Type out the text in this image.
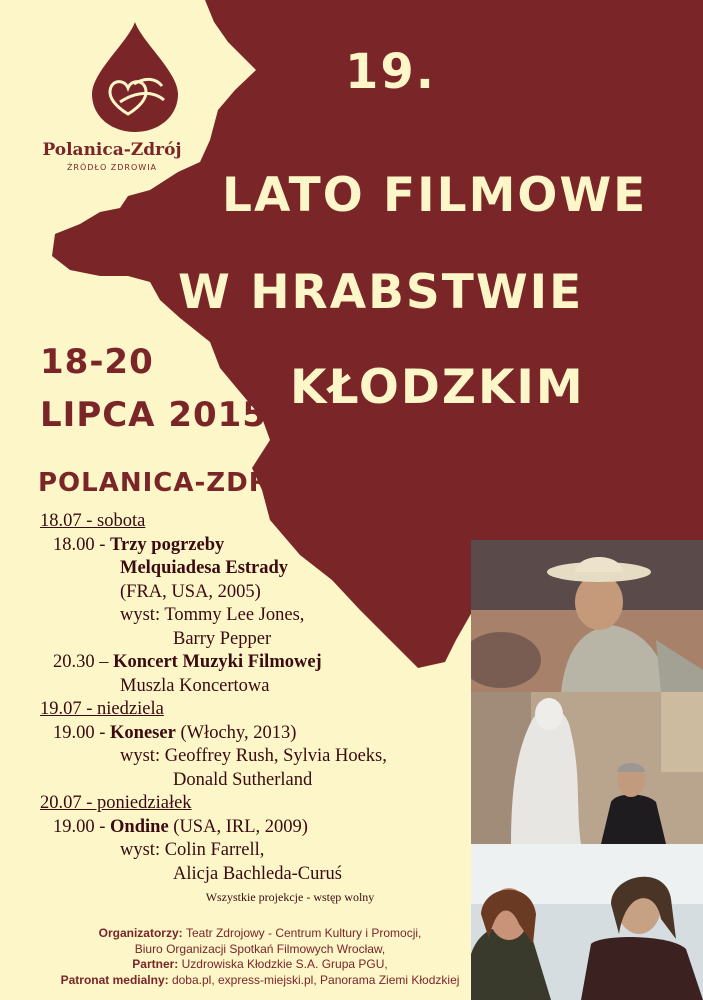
Polanica-Zdrój
ŹRÓDŁO ZDROWIA
19.
LATO FILMOWE
W HRABSTWIE
KŁODZKIM
18-20
LIPCA 2015
POLANICA-ZDRÓJ
18.07 - sobota
18.00 - Trzy pogrzeby
Melquiadesa Estrady
(FRA, USA, 2005)
wyst: Tommy Lee Jones,
Barry Pepper
20.30 – Koncert Muzyki Filmowej
Muszla Koncertowa
19.07 - niedziela
19.00 - Koneser (Włochy, 2013)
wyst: Geoffrey Rush, Sylvia Hoeks,
Donald Sutherland
20.07 - poniedziałek
19.00 - Ondine (USA, IRL, 2009)
wyst: Colin Farrell,
Alicja Bachleda-Curuś
Wszystkie projekcje - wstęp wolny
Organizatorzy: Teatr Zdrojowy - Centrum Kultury i Promocji,
Biuro Organizacji Spotkań Filmowych Wrocław,
Partner: Uzdrowiska Kłodzkie S.A. Grupa PGU,
Patronat medialny: doba.pl, express-miejski.pl, Panorama Ziemi Kłodzkiej
